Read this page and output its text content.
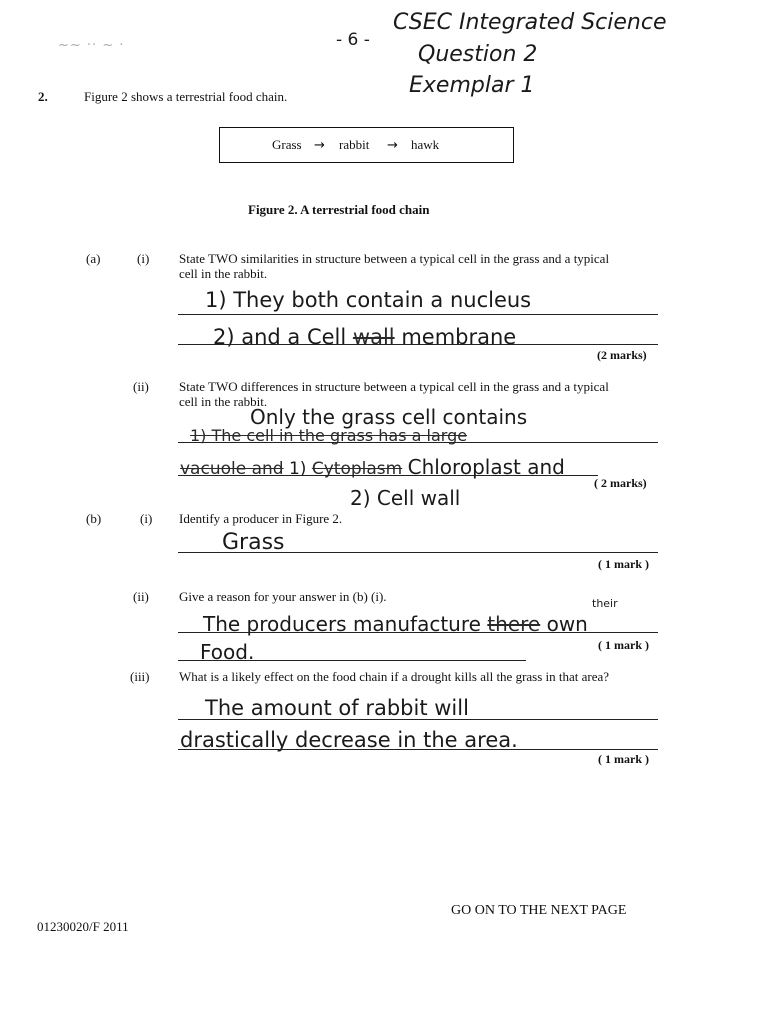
~~ ·· ~ ·	- 6 -
CSEC Integrated Science
Question 2
Exemplar 1
2.	Figure 2 shows a terrestrial food chain.
Grass → rabbit → hawk
Figure 2. A terrestrial food chain
(a)	(i) State TWO similarities in structure between a typical cell in the grass and a typical
cell in the rabbit.
1) They both contain a nucleus
2) and a Cell wall membrane
(2 marks)
(ii) State TWO differences in structure between a typical cell in the grass and a typical
cell in the rabbit.
Only the grass cell contains
1) The cell in the grass has a large
vacuole and 1) Cytoplasm Chloroplast and
( 2 marks)
2) Cell wall
(b)	(i) Identify a producer in Figure 2.
Grass
( 1 mark )
(ii) Give a reason for your answer in (b) (i).	their
The producers manufacture there own
Food.	( 1 mark )
(iii) What is a likely effect on the food chain if a drought kills all the grass in that area?
The amount of rabbit will
drastically decrease in the area.
( 1 mark )
GO ON TO THE NEXT PAGE
01230020/F 2011
